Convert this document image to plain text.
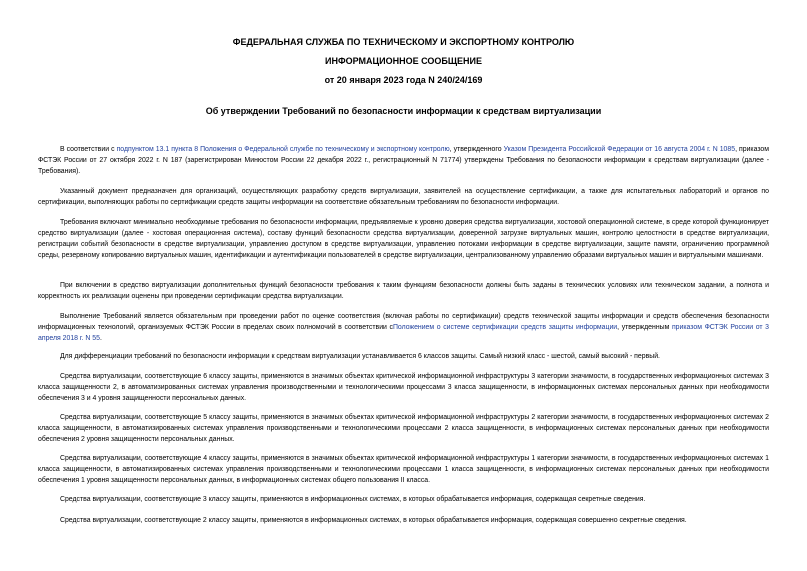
ФЕДЕРАЛЬНАЯ СЛУЖБА ПО ТЕХНИЧЕСКОМУ И ЭКСПОРТНОМУ КОНТРОЛЮ
ИНФОРМАЦИОННОЕ СООБЩЕНИЕ
от 20 января 2023 года N 240/24/169
Об утверждении Требований по безопасности информации к средствам виртуализации
В соответствии с подпунктом 13.1 пункта 8 Положения о Федеральной службе по техническому и экспортному контролю, утвержденного Указом Президента Российской Федерации от 16 августа 2004 г. N 1085, приказом ФСТЭК России от 27 октября 2022 г. N 187 (зарегистрирован Минюстом России 22 декабря 2022 г., регистрационный N 71774) утверждены Требования по безопасности информации к средствам виртуализации (далее - Требования).
Указанный документ предназначен для организаций, осуществляющих разработку средств виртуализации, заявителей на осуществление сертификации, а также для испытательных лабораторий и органов по сертификации, выполняющих работы по сертификации средств защиты информации на соответствие обязательным требованиям по безопасности информации.
Требования включают минимально необходимые требования по безопасности информации, предъявляемые к уровню доверия средства виртуализации, хостовой операционной системе, в среде которой функционирует средство виртуализации (далее - хостовая операционная система), составу функций безопасности средства виртуализации, доверенной загрузке виртуальных машин, контролю целостности в средстве виртуализации, регистрации событий безопасности в средстве виртуализации, управлению доступом в средстве виртуализации, управлению потоками информации в средстве виртуализации, защите памяти, ограничению программной среды, резервному копированию виртуальных машин, идентификации и аутентификации пользователей в средстве виртуализации, централизованному управлению образами виртуальных машин и виртуальными машинами.
При включении в средство виртуализации дополнительных функций безопасности требования к таким функциям безопасности должны быть заданы в технических условиях или техническом задании, а полнота и корректность их реализации оценены при проведении сертификации средства виртуализации.
Выполнение Требований является обязательным при проведении работ по оценке соответствия (включая работы по сертификации) средств технической защиты информации и средств обеспечения безопасности информационных технологий, организуемых ФСТЭК России в пределах своих полномочий в соответствии сПоложением о системе сертификации средств защиты информации, утвержденным приказом ФСТЭК России от 3 апреля 2018 г. N 55.
Для дифференциации требований по безопасности информации к средствам виртуализации устанавливается 6 классов защиты. Самый низкий класс - шестой, самый высокий - первый.
Средства виртуализации, соответствующие 6 классу защиты, применяются в значимых объектах критической информационной инфраструктуры 3 категории значимости, в государственных информационных системах 3 класса защищенности 2, в автоматизированных системах управления производственными и технологическими процессами 3 класса защищенности, в информационных системах персональных данных при необходимости обеспечения 3 и 4 уровня защищенности персональных данных.
Средства виртуализации, соответствующие 5 классу защиты, применяются в значимых объектах критической информационной инфраструктуры 2 категории значимости, в государственных информационных системах 2 класса защищенности, в автоматизированных системах управления производственными и технологическими процессами 2 класса защищенности, в информационных системах персональных данных при необходимости обеспечения 2 уровня защищенности персональных данных.
Средства виртуализации, соответствующие 4 классу защиты, применяются в значимых объектах критической информационной инфраструктуры 1 категории значимости, в государственных информационных системах 1 класса защищенности, в автоматизированных системах управления производственными и технологическими процессами 1 класса защищенности, в информационных системах персональных данных при необходимости обеспечения 1 уровня защищенности персональных данных, в информационных системах общего пользования II класса.
Средства виртуализации, соответствующие 3 классу защиты, применяются в информационных системах, в которых обрабатывается информация, содержащая секретные сведения.
Средства виртуализации, соответствующие 2 классу защиты, применяются в информационных системах, в которых обрабатывается информация, содержащая совершенно секретные сведения.
